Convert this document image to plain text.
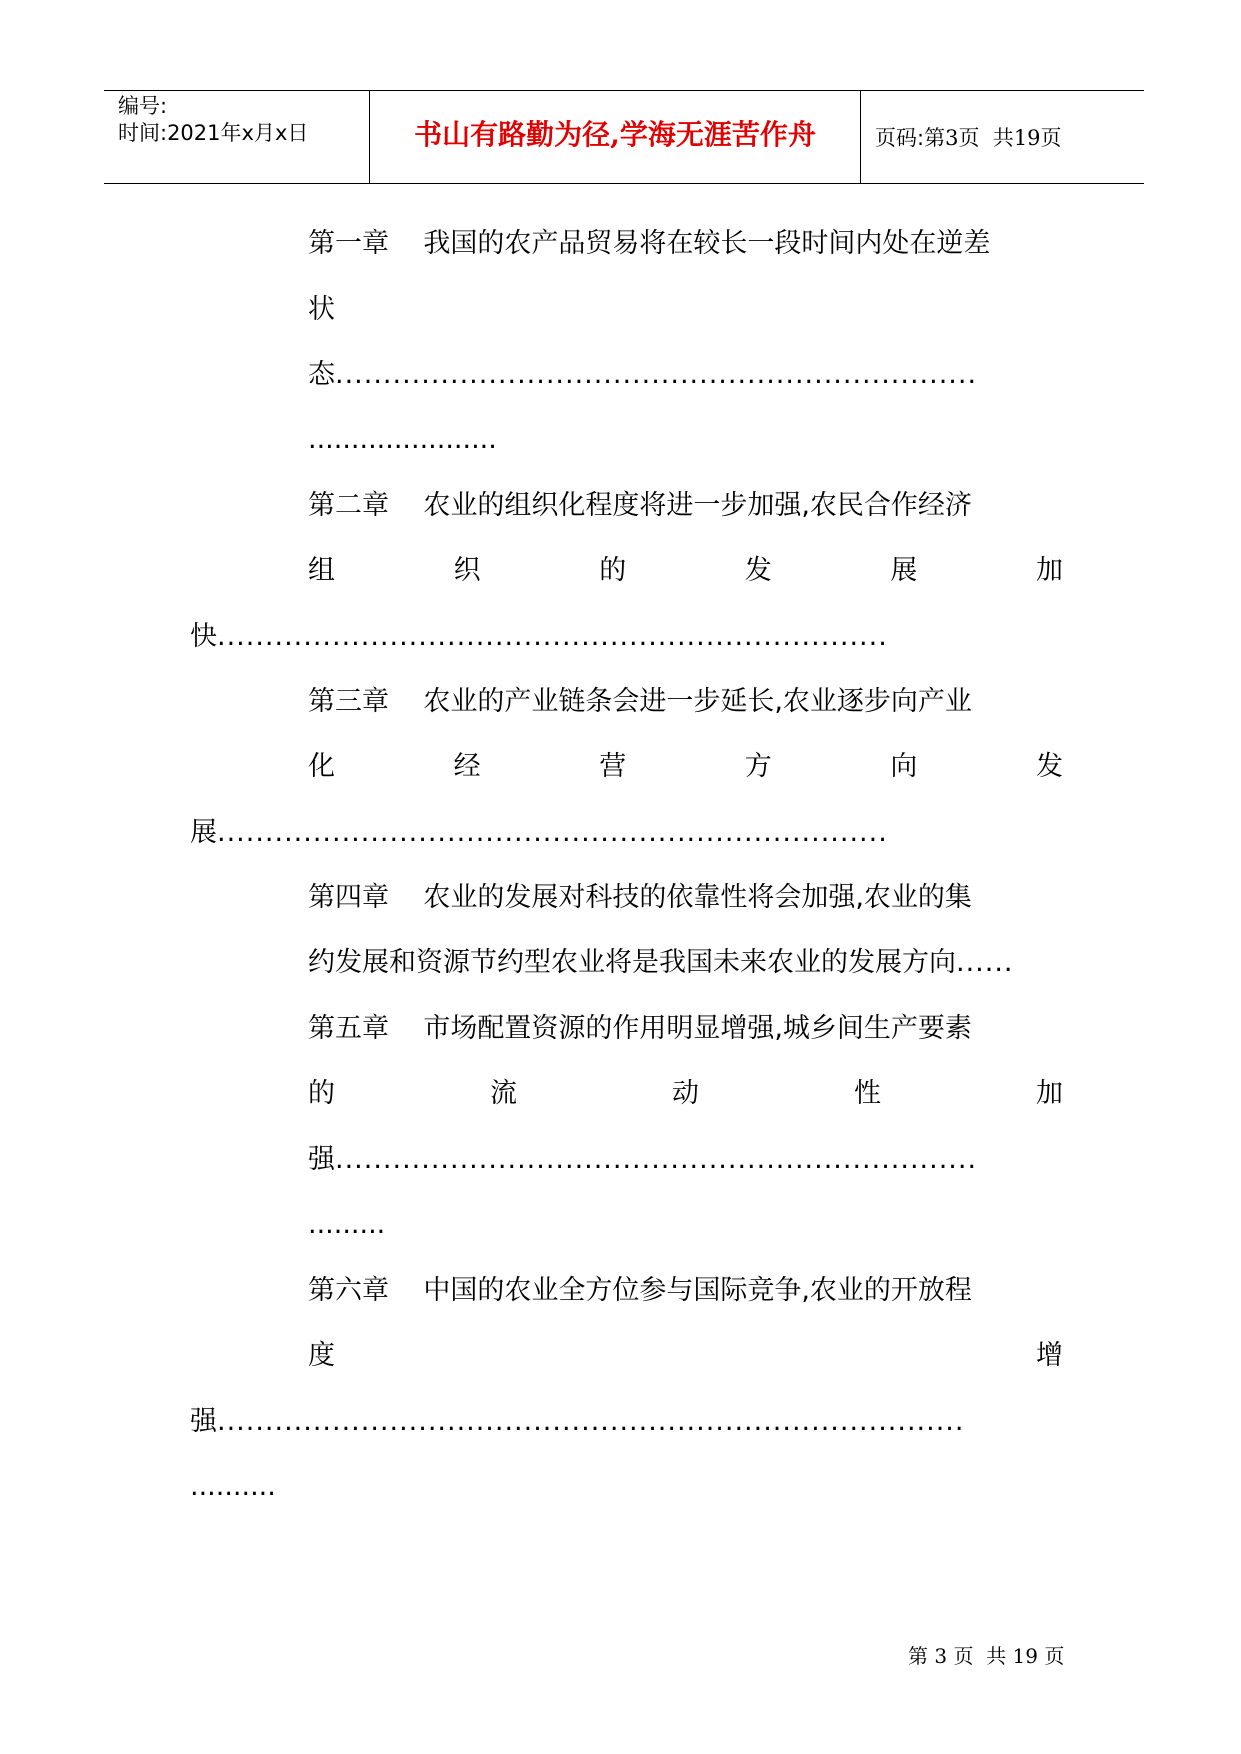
编号:
时间:2021年x月x日	书山有路勤为径,学海无涯苦作舟	页码:第3页  共19页
第一章    我国的农产品贸易将在较长一段时间内处在逆差
状
态...................................................................
......................
第二章    农业的组织化程度将进一步加强,农民合作经济
组	织	的	发	展	加
快......................................................................
第三章    农业的产业链条会进一步延长,农业逐步向产业
化	经	营	方	向	发
展......................................................................
第四章    农业的发展对科技的依靠性将会加强,农业的集
约发展和资源节约型农业将是我国未来农业的发展方向......
第五章    市场配置资源的作用明显增强,城乡间生产要素
的	流	动	性	加
强...................................................................
.........
第六章    中国的农业全方位参与国际竞争,农业的开放程
度	增
强..............................................................................
..........
第 3 页  共 19 页
